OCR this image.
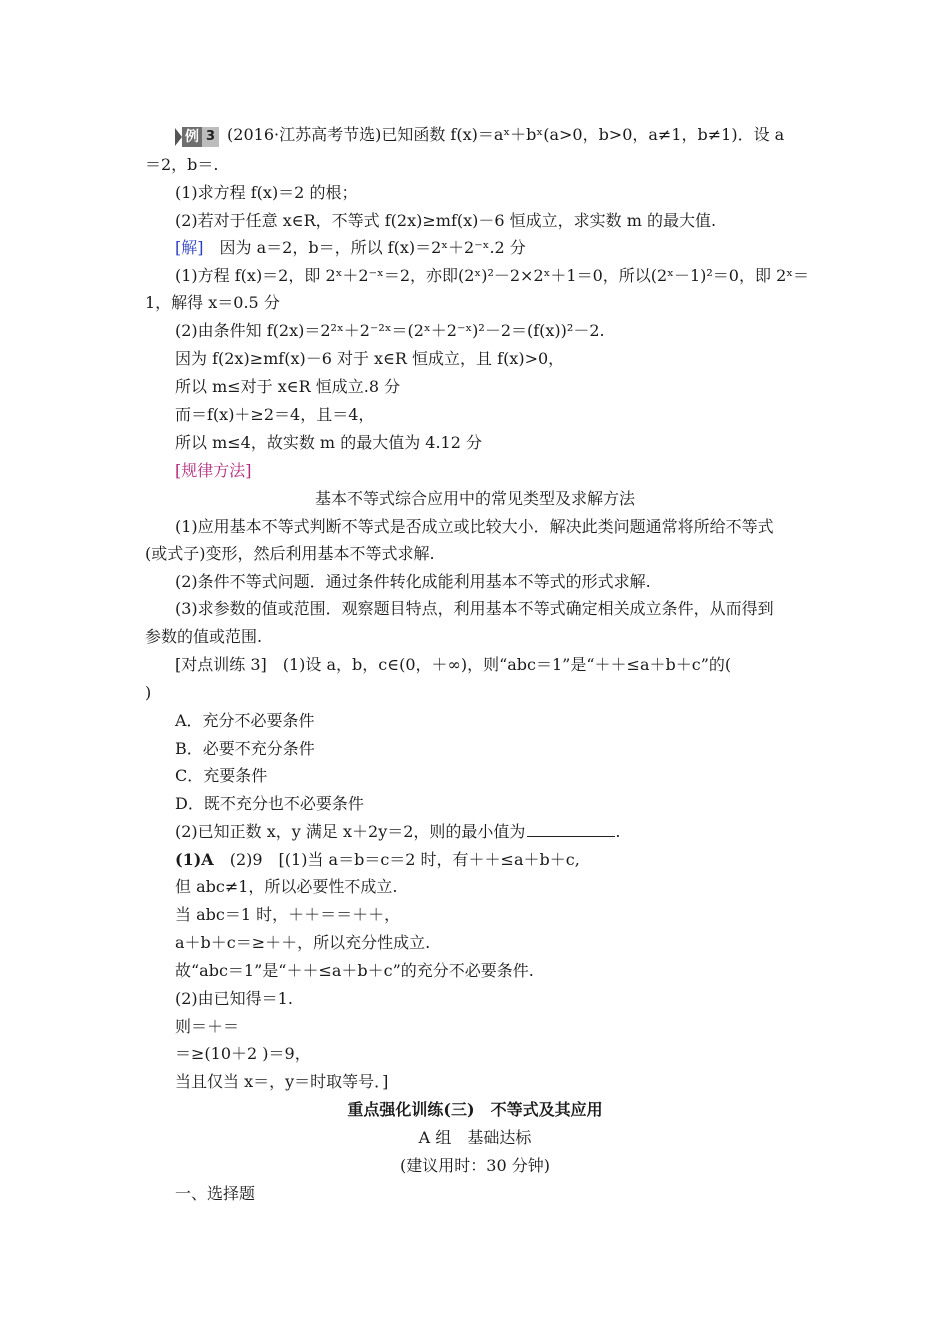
例 3 (2016·江苏高考节选)已知函数 f(x)＝aˣ＋bˣ(a>0，b>0，a≠1，b≠1)．设 a
＝2，b＝.
(1)求方程 f(x)＝2 的根；
(2)若对于任意 x∈R，不等式 f(2x)≥mf(x)－6 恒成立，求实数 m 的最大值.
[解]　 因为 a＝2，b＝，所以 f(x)＝2ˣ＋2⁻ˣ.2 分
(1)方程 f(x)＝2，即 2ˣ＋2⁻ˣ＝2，亦即(2ˣ)²－2×2ˣ＋1＝0，所以(2ˣ－1)²＝0，即 2ˣ＝
1，解得 x＝0.5 分
(2)由条件知 f(2x)＝2²ˣ＋2⁻²ˣ＝(2ˣ＋2⁻ˣ)²－2＝(f(x))²－2.
因为 f(2x)≥mf(x)－6 对于 x∈R 恒成立，且 f(x)>0，
所以 m≤对于 x∈R 恒成立.8 分
而＝f(x)＋≥2＝4，且＝4，
所以 m≤4，故实数 m 的最大值为 4.12 分
[规律方法]
基本不等式综合应用中的常见类型及求解方法
(1)应用基本不等式判断不等式是否成立或比较大小．解决此类问题通常将所给不等式
(或式子)变形，然后利用基本不等式求解.
(2)条件不等式问题．通过条件转化成能利用基本不等式的形式求解.
(3)求参数的值或范围．观察题目特点，利用基本不等式确定相关成立条件，从而得到
参数的值或范围.
[对点训练 3]　(1)设 a，b，c∈(0，＋∞)，则“abc＝1”是“＋＋≤a＋b＋c”的(
)
A．充分不必要条件
B．必要不充分条件
C．充要条件
D．既不充分也不必要条件
(2)已知正数 x，y 满足 x＋2y＝2，则的最小值为	.
(1)A　 (2)9　[(1)当 a＝b＝c＝2 时，有＋＋≤a＋b＋c,
但 abc≠1，所以必要性不成立.
当 abc＝1 时，＋＋＝＝＋＋，
a＋b＋c＝≥＋＋，所以充分性成立.
故“abc＝1”是“＋＋≤a＋b＋c”的充分不必要条件.
(2)由已知得＝1.
则＝＋＝
＝≥(10＋2 )＝9，
当且仅当 x＝，y＝时取等号．]
重点强化训练(三)　不等式及其应用
A 组　基础达标
(建议用时：30 分钟)
一、选择题
